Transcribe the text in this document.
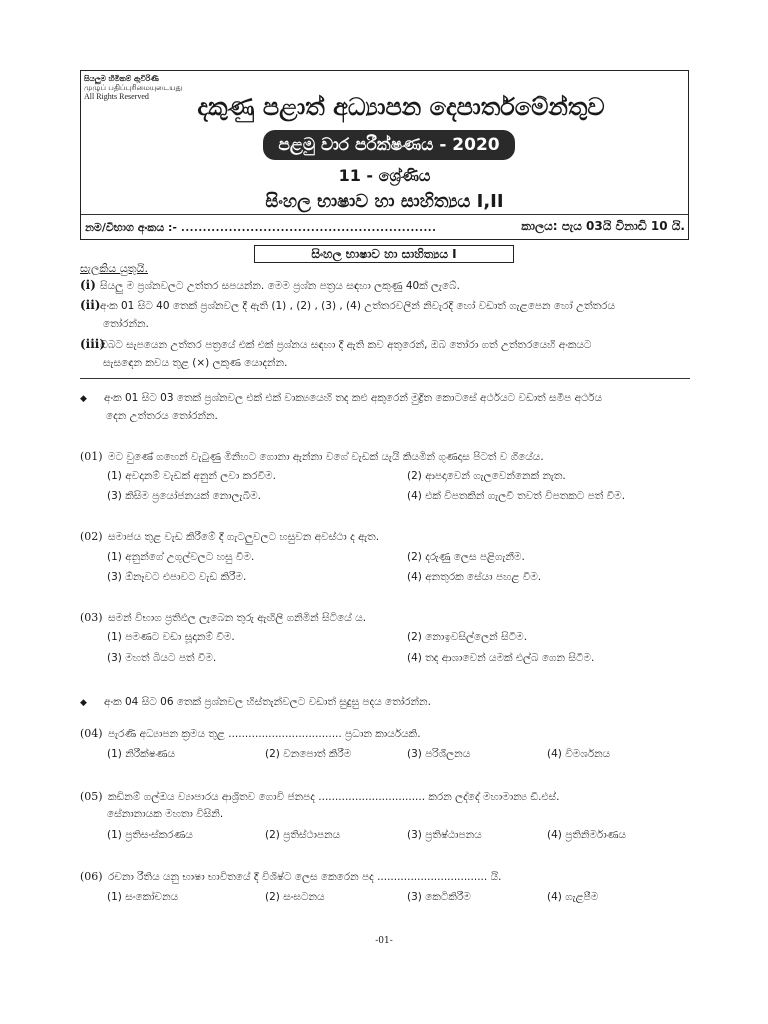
සියලුම හිමිකම් ඇවිරිණි
முழுப் பதிப்புரிமையுடையது
All Rights Reserved	දකුණු පළාත් අධ්‍යාපන දෙපාර්තමේන්තුව
පළමු වාර පරීක්ෂණය - 2020
11 - ශ්‍රේණිය
සිංහල භාෂාව හා සාහිත්‍යය I,II
නම/විභාග අංකය :- ...........................................................	කාලය: පැය 03යි විනාඩි 10 යි.
සිංහල භාෂාව හා සාහිත්‍යය I
සැලකිය යුතුයි.
(i) සියලු ම ප්‍රශ්නවලට උත්තර සපයන්න. මෙම ප්‍රශ්න පත්‍රය සඳහා ලකුණු 40ක් ලැබේ.
(ii)අංක 01 සිට 40 තෙක් ප්‍රශ්නවල දී ඇති (1) , (2) , (3) , (4) උත්තරවලින් නිවැරදි හෝ වඩාත් ගැළපෙන හෝ උත්තරය
තෝරන්න.
(iii)ඔබට සැපයෙන උත්තර පත්‍රයේ එක් එක් ප්‍රශ්නය සඳහා දී ඇති කව අතුරෙන්, ඔබ තෝරා ගත් උත්තරයෙහි අංකයට
සැසඳෙන කවය තුළ (×) ලකුණ යොදන්න.
◆ අංක 01 සිට 03 තෙක් ප්‍රශ්නවල එක් එක් වාක්‍යයෙහි තද කළු අකුරෙන් මුද්‍රිත කොටසේ අර්ථයට වඩාත් සමීප අර්ථය
දෙන උත්තරය තෝරන්න.
(01) මට වුණේ ගහෙන් වැටුණු මිනිහට ගොනා ඇන්නා වගේ වැඩක් යැයි කියමින් ගුණදාස පිටත් ව ගියේය.
(1) අවදානම් වැඩක් අනුන් ලවා කරවීම.	(2) ආපදාවෙන් ගැලවෙන්නෙක් නැත.
(3) කිසිම ප්‍රයෝජනයක් නොලැබීම.	(4) එක් විපතකින් ගැලවී තවත් විපතකට පත් වීම.
(02) සමාජය තුළ වැඩ කිරීමේ දී ගැටලුවලට හසුවන අවස්ථා ද ඇත.
(1) අනුන්ගේ උගුල්වලට හසු වීම.	(2) දරුණු ලෙස පළිගැනීම.
(3) ඕනෑවට එපාවට වැඩ කිරීම.	(4) අනතුරක සේයා පහළ වීම.
(03) සමන් විභාග ප්‍රතිඵල ලැබෙන තුරු ඇඟිලි ගනිමින් සිටියේ ය.
(1) පමණට වඩා සූදානම් වීම.	(2) නොඉවසිල්ලෙන් සිටීම.
(3) මහත් බියට පත් වීම.	(4) තද ආශාවෙන් යමක් එල්බ ගෙන සිටීම.
◆ අංක 04 සිට 06 තෙක් ප්‍රශ්නවල හිස්තැන්වලට වඩාත් සුදුසු පදය තෝරන්න.
(04) පැරණි අධ්‍යාපන ක්‍රමය තුළ .................................. ප්‍රධාන කාර්යයකි.
(1) නිරීක්ෂණය	(2) වනපොත් කිරීම	(3) පරිශීලනය	(4) විමර්ශනය
(05) කඩිනම් ගල්ඔය ව්‍යාපාරය ආශ්‍රිතව ගොවි ජනපද ................................ කරන ලද්දේ මහාමාන්‍ය ඩී.එස්.
සේනානායක මහතා විසිනි.
(1) ප්‍රතිසංස්කරණය	(2) ප්‍රතිස්ථාපනය	(3) ප්‍රතිෂ්ඨාපනය	(4) ප්‍රතිනිර්මාණය
(06) රචනා රීතිය යනු භාෂා භාවිතයේ දී විශිෂ්ට ලෙස කෙරෙන පද ................................. යි.
(1) සංකෝචනය	(2) සංඝටනය	(3) කෙටිකිරීම	(4) ගැළපීම
-01-
